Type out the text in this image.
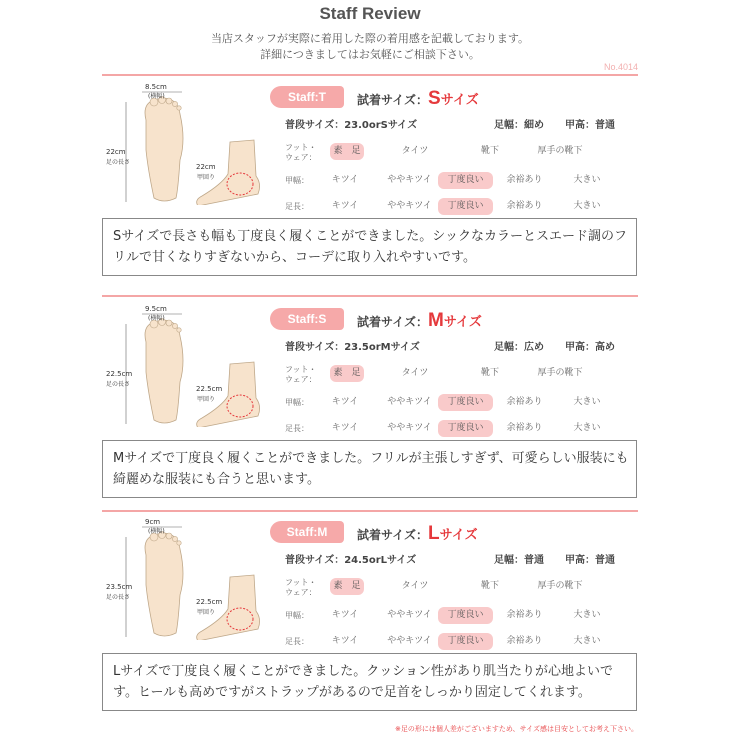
Staff Review
当店スタッフが実際に着用した際の着用感を記載しております。
詳細につきましてはお気軽にご相談下さい。
No.4014
8.5cm
(横幅)
22cm
足の長さ
22cm
甲回り
Staff:T	試着サイズ：Sサイズ
普段サイズ：23.0orSサイズ	足幅：細め 甲高：普通
フット・
ウェア：
素　足	タイツ	靴下	厚手の靴下
甲幅：	キツイ	ややキツイ	丁度良い	余裕あり	大きい
足長：	キツイ	ややキツイ	丁度良い	余裕あり	大きい

Sサイズで長さも幅も丁度良く履くことができました。シックなカラーとスエード調のフリルで甘くなりすぎないから、コーデに取り入れやすいです。

9.5cm
(横幅)
22.5cm
足の長さ
22.5cm
甲回り
Staff:S	試着サイズ：Mサイズ
普段サイズ：23.5orMサイズ	足幅：広め 甲高：高め
フット・
ウェア：
素　足	タイツ	靴下	厚手の靴下
甲幅：	キツイ	ややキツイ	丁度良い	余裕あり	大きい
足長：	キツイ	ややキツイ	丁度良い	余裕あり	大きい

Mサイズで丁度良く履くことができました。フリルが主張しすぎず、可愛らしい服装にも綺麗めな服装にも合うと思います。

9cm
(横幅)
23.5cm
足の長さ
22.5cm
甲回り
Staff:M	試着サイズ：Lサイズ
普段サイズ：24.5orLサイズ	足幅：普通 甲高：普通
フット・
ウェア：
素　足	タイツ	靴下	厚手の靴下
甲幅：	キツイ	ややキツイ	丁度良い	余裕あり	大きい
足長：	キツイ	ややキツイ	丁度良い	余裕あり	大きい

Lサイズで丁度良く履くことができました。クッション性があり肌当たりが心地よいです。ヒールも高めですがストラップがあるので足首をしっかり固定してくれます。

※足の形には個人差がございますため、サイズ感は目安としてお考え下さい。
